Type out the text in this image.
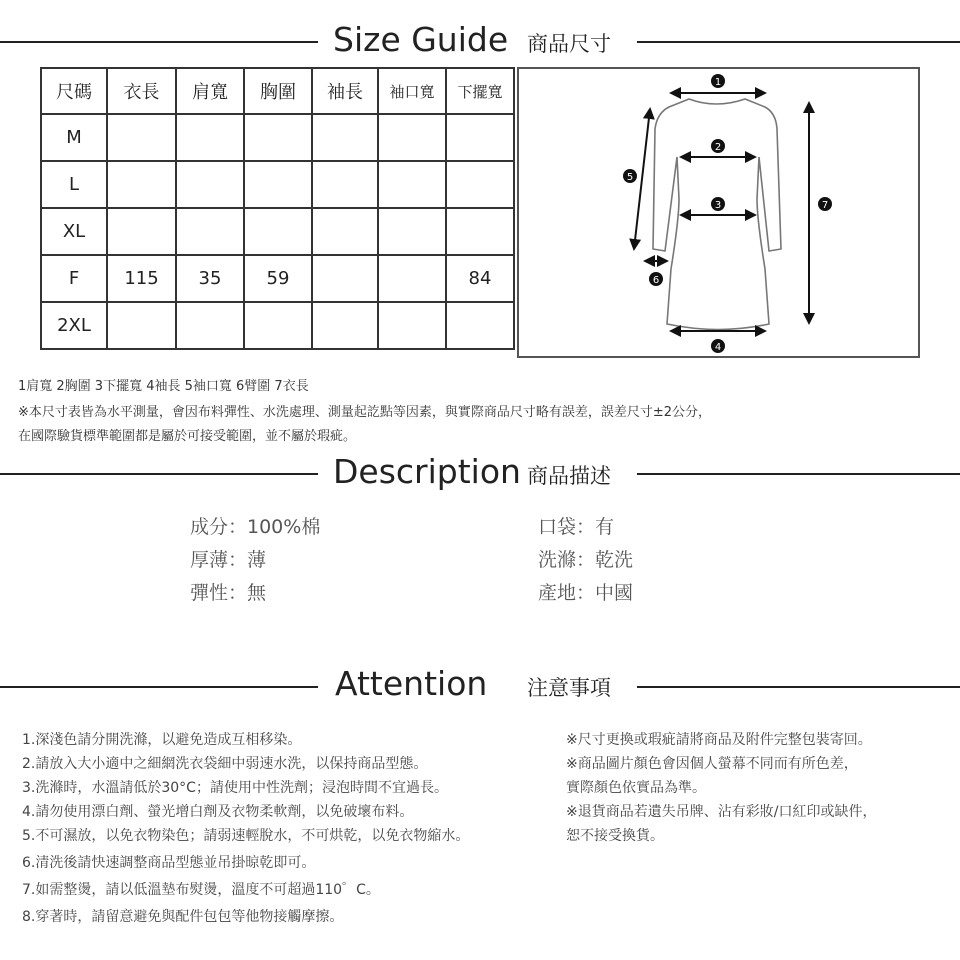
Size Guide 商品尺寸
尺碼	衣長	肩寬	胸圍	袖長	袖口寬	下擺寬
M						
L						
XL						
F	115	35	59			84
2XL						
1
2
3
4
5
6
7
1肩寬 2胸圍 3下擺寬 4袖長 5袖口寬 6臂圍 7衣長
※本尺寸表皆為水平測量，會因布料彈性、水洗處理、測量起訖點等因素，與實際商品尺寸略有誤差，誤差尺寸±2公分，
在國際驗貨標準範圍都是屬於可接受範圍，並不屬於瑕疵。
Description 商品描述
成分：100%棉
厚薄：薄
彈性：無
口袋：有
洗滌：乾洗
產地：中國
Attention 注意事項
1.深淺色請分開洗滌，以避免造成互相移染。
2.請放入大小適中之細網洗衣袋細中弱速水洗，以保持商品型態。
3.洗滌時，水溫請低於30°C；請使用中性洗劑；浸泡時間不宜過長。
4.請勿使用漂白劑、螢光增白劑及衣物柔軟劑，以免破壞布料。
5.不可濕放，以免衣物染色；請弱速輕脫水，不可烘乾，以免衣物縮水。
6.清洗後請快速調整商品型態並吊掛晾乾即可。
7.如需整燙，請以低溫墊布熨燙，溫度不可超過110゜C。
8.穿著時，請留意避免與配件包包等他物接觸摩擦。
※尺寸更換或瑕疵請將商品及附件完整包裝寄回。
※商品圖片顏色會因個人螢幕不同而有所色差，
實際顏色依實品為準。
※退貨商品若遺失吊牌、沾有彩妝/口紅印或缺件，
恕不接受換貨。
